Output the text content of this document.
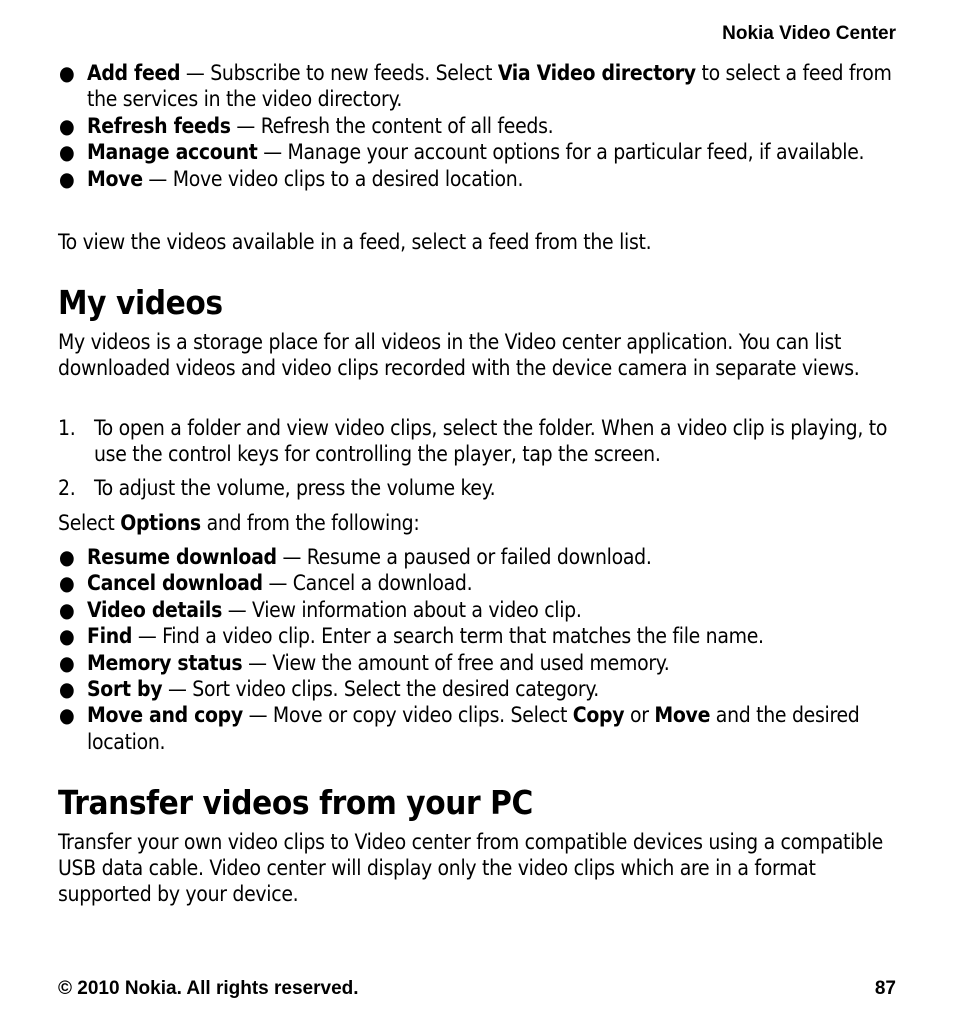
Nokia Video Center
● Add feed — Subscribe to new feeds. Select Via Video directory to select a feed from the services in the video directory.
● Refresh feeds — Refresh the content of all feeds.
● Manage account — Manage your account options for a particular feed, if available.
● Move — Move video clips to a desired location.
To view the videos available in a feed, select a feed from the list.
My videos
My videos is a storage place for all videos in the Video center application. You can list downloaded videos and video clips recorded with the device camera in separate views.
1. To open a folder and view video clips, select the folder. When a video clip is playing, to use the control keys for controlling the player, tap the screen.
2. To adjust the volume, press the volume key.
Select Options and from the following:
● Resume download — Resume a paused or failed download.
● Cancel download — Cancel a download.
● Video details — View information about a video clip.
● Find — Find a video clip. Enter a search term that matches the file name.
● Memory status — View the amount of free and used memory.
● Sort by — Sort video clips. Select the desired category.
● Move and copy — Move or copy video clips. Select Copy or Move and the desired location.
Transfer videos from your PC
Transfer your own video clips to Video center from compatible devices using a compatible USB data cable. Video center will display only the video clips which are in a format supported by your device.
© 2010 Nokia. All rights reserved.	87
